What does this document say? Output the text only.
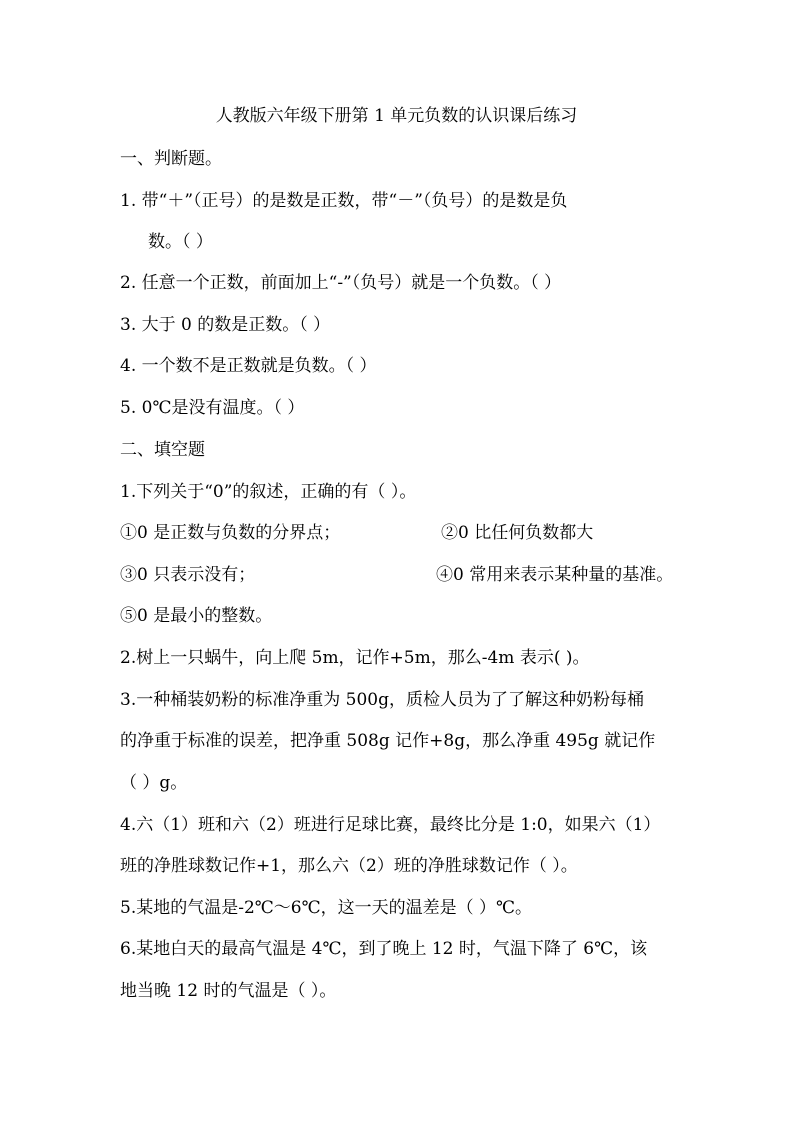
人教版六年级下册第 1 单元负数的认识课后练习
一、判断题。
1. 带“＋”（正号）的是数是正数，带“－”（负号）的是数是负
数。（ ）
2. 任意一个正数，前面加上“-”（负号）就是一个负数。（ ）
3. 大于 0 的数是正数。（ ）
4. 一个数不是正数就是负数。（ ）
5. 0℃是没有温度。（ ）
二、填空题
1.下列关于“0”的叙述，正确的有（ ）。
①0 是正数与负数的分界点；	②0 比任何负数都大
③0 只表示没有；	④0 常用来表示某种量的基准。
⑤0 是最小的整数。
2.树上一只蜗牛，向上爬 5m，记作+5m，那么-4m 表示( )。
3.一种桶装奶粉的标准净重为 500g，质检人员为了了解这种奶粉每桶
的净重于标准的误差，把净重 508g 记作+8g，那么净重 495g 就记作
（ ）g。
4.六（1）班和六（2）班进行足球比赛，最终比分是 1:0，如果六（1）
班的净胜球数记作+1，那么六（2）班的净胜球数记作（ ）。
5.某地的气温是-2℃～6℃，这一天的温差是（ ）℃。
6.某地白天的最高气温是 4℃，到了晚上 12 时，气温下降了 6℃，该
地当晚 12 时的气温是（ ）。
